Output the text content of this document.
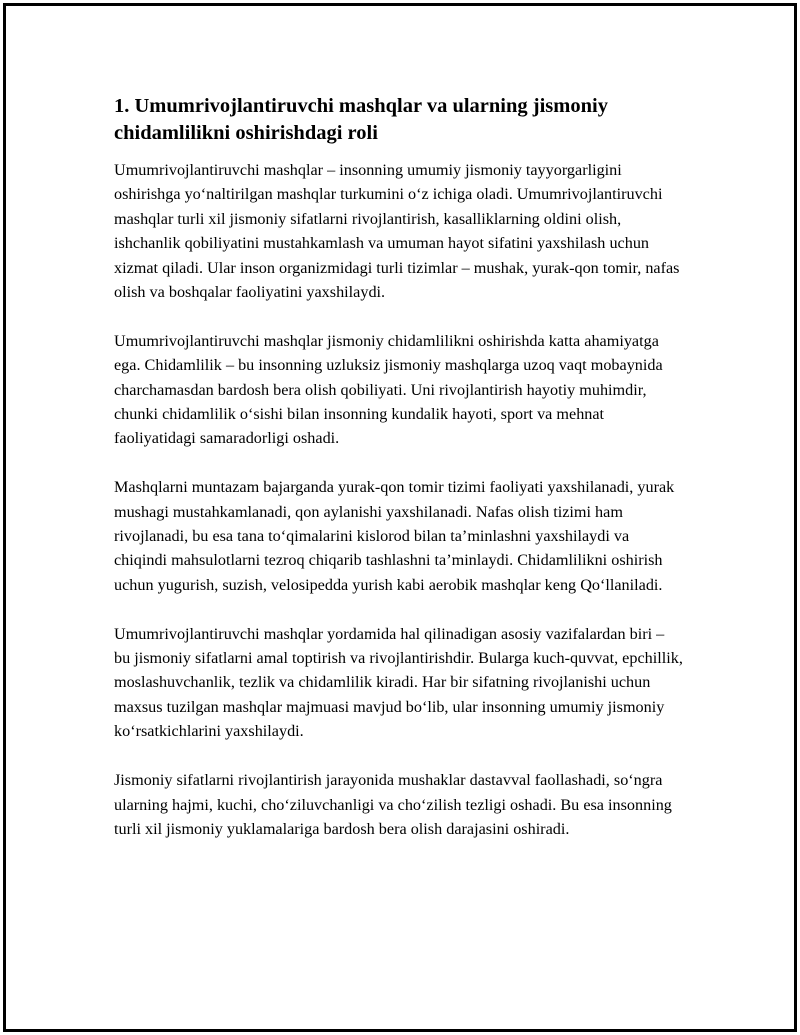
1. Umumrivojlantiruvchi mashqlar va ularning jismoniy chidamlilikni oshirishdagi roli

Umumrivojlantiruvchi mashqlar – insonning umumiy jismoniy tayyorgarligini oshirishga yo‘naltirilgan mashqlar turkumini o‘z ichiga oladi. Umumrivojlantiruvchi mashqlar turli xil jismoniy sifatlarni rivojlantirish, kasalliklarning oldini olish, ishchanlik qobiliyatini mustahkamlash va umuman hayot sifatini yaxshilash uchun xizmat qiladi. Ular inson organizmidagi turli tizimlar – mushak, yurak-qon tomir, nafas olish va boshqalar faoliyatini yaxshilaydi.

Umumrivojlantiruvchi mashqlar jismoniy chidamlilikni oshirishda katta ahamiyatga ega. Chidamlilik – bu insonning uzluksiz jismoniy mashqlarga uzoq vaqt mobaynida charchamasdan bardosh bera olish qobiliyati. Uni rivojlantirish hayotiy muhimdir, chunki chidamlilik o‘sishi bilan insonning kundalik hayoti, sport va mehnat faoliyatidagi samaradorligi oshadi.

Mashqlarni muntazam bajarganda yurak-qon tomir tizimi faoliyati yaxshilanadi, yurak mushagi mustahkamlanadi, qon aylanishi yaxshilanadi. Nafas olish tizimi ham rivojlanadi, bu esa tana to‘qimalarini kislorod bilan ta’minlashni yaxshilaydi va chiqindi mahsulotlarni tezroq chiqarib tashlashni ta’minlaydi. Chidamlilikni oshirish uchun yugurish, suzish, velosipedda yurish kabi aerobik mashqlar keng Qo‘llaniladi.

Umumrivojlantiruvchi mashqlar yordamida hal qilinadigan asosiy vazifalardan biri – bu jismoniy sifatlarni amal toptirish va rivojlantirishdir. Bularga kuch-quvvat, epchillik, moslashuvchanlik, tezlik va chidamlilik kiradi. Har bir sifatning rivojlanishi uchun maxsus tuzilgan mashqlar majmuasi mavjud bo‘lib, ular insonning umumiy jismoniy ko‘rsatkichlarini yaxshilaydi.

Jismoniy sifatlarni rivojlantirish jarayonida mushaklar dastavval faollashadi, so‘ngra ularning hajmi, kuchi, cho‘ziluvchanligi va cho‘zilish tezligi oshadi. Bu esa insonning turli xil jismoniy yuklamalariga bardosh bera olish darajasini oshiradi.
